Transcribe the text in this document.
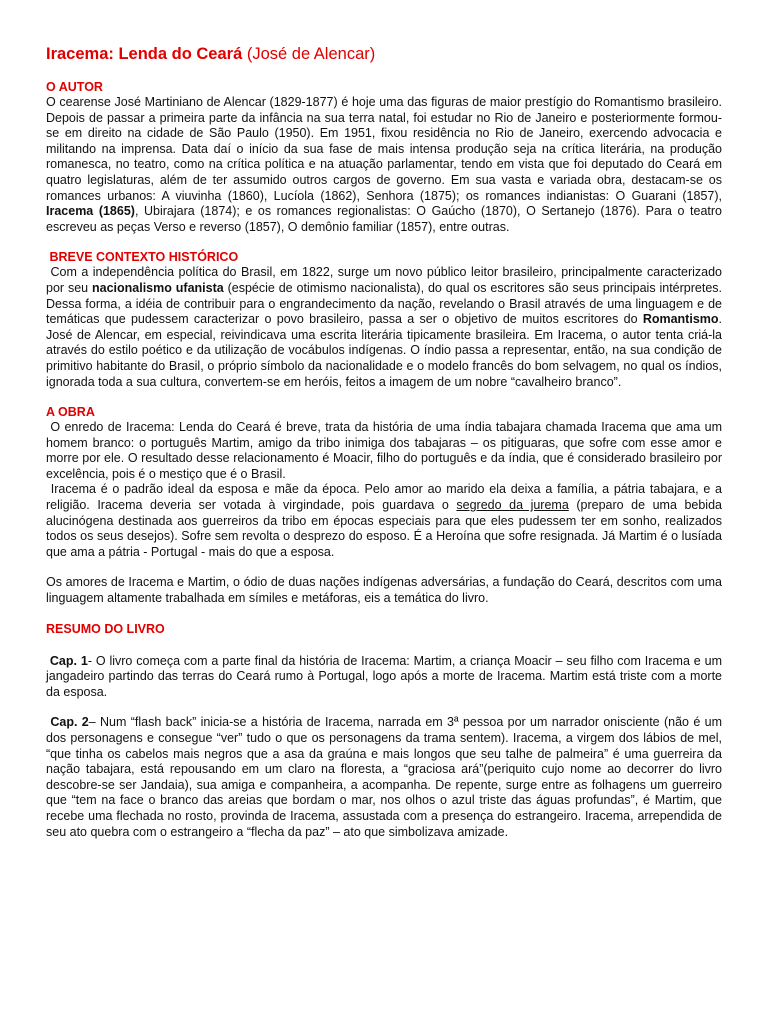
Iracema: Lenda do Ceará (José de Alencar)
O AUTOR

O cearense José Martiniano de Alencar (1829-1877) é hoje uma das figuras de maior prestígio do Romantismo brasileiro. Depois de passar a primeira parte da infância na sua terra natal, foi estudar no Rio de Janeiro e posteriormente formou-se em direito na cidade de São Paulo (1950). Em 1951, fixou residência no Rio de Janeiro, exercendo advocacia e militando na imprensa. Data daí o início da sua fase de mais intensa produção seja na crítica literária, na produção romanesca, no teatro, como na crítica política e na atuação parlamentar, tendo em vista que foi deputado do Ceará em quatro legislaturas, além de ter assumido outros cargos de governo. Em sua vasta e variada obra, destacam-se os romances urbanos: A viuvinha (1860), Lucíola (1862), Senhora (1875); os romances indianistas: O Guarani (1857), Iracema (1865), Ubirajara (1874); e os romances regionalistas: O Gaúcho (1870), O Sertanejo (1876). Para o teatro escreveu as peças Verso e reverso (1857), O demônio familiar (1857), entre outras.

BREVE CONTEXTO HISTÓRICO

Com a independência política do Brasil, em 1822, surge um novo público leitor brasileiro, principalmente caracterizado por seu nacionalismo ufanista (espécie de otimismo nacionalista), do qual os escritores são seus principais intérpretes. Dessa forma, a idéia de contribuir para o engrandecimento da nação, revelando o Brasil através de uma linguagem e de temáticas que pudessem caracterizar o povo brasileiro, passa a ser o objetivo de muitos escritores do Romantismo. José de Alencar, em especial, reivindicava uma escrita literária tipicamente brasileira. Em Iracema, o autor tenta criá-la através do estilo poético e da utilização de vocábulos indígenas. O índio passa a representar, então, na sua condição de primitivo habitante do Brasil, o próprio símbolo da nacionalidade e o modelo francês do bom selvagem, no qual os índios, ignorada toda a sua cultura, convertem-se em heróis, feitos a imagem de um nobre “cavalheiro branco”.

A OBRA

O enredo de Iracema: Lenda do Ceará é breve, trata da história de uma índia tabajara chamada Iracema que ama um homem branco: o português Martim, amigo da tribo inimiga dos tabajaras – os pitiguaras, que sofre com esse amor e morre por ele. O resultado desse relacionamento é Moacir, filho do português e da índia, que é considerado brasileiro por excelência, pois é o mestiço que é o Brasil.

Iracema é o padrão ideal da esposa e mãe da época. Pelo amor ao marido ela deixa a família, a pátria tabajara, e a religião. Iracema deveria ser votada à virgindade, pois guardava o segredo da jurema (preparo de uma bebida alucinógena destinada aos guerreiros da tribo em épocas especiais para que eles pudessem ter em sonho, realizados todos os seus desejos). Sofre sem revolta o desprezo do esposo. É a Heroína que sofre resignada. Já Martim é o lusíada que ama a pátria - Portugal - mais do que a esposa.

Os amores de Iracema e Martim, o ódio de duas nações indígenas adversárias, a fundação do Ceará, descritos com uma linguagem altamente trabalhada em símiles e metáforas, eis a temática do livro.

RESUMO DO LIVRO

Cap. 1- O livro começa com a parte final da história de Iracema: Martim, a criança Moacir – seu filho com Iracema e um jangadeiro partindo das terras do Ceará rumo à Portugal, logo após a morte de Iracema. Martim está triste com a morte da esposa.

Cap. 2– Num “flash back” inicia-se a história de Iracema, narrada em 3ª pessoa por um narrador onisciente (não é um dos personagens e consegue “ver” tudo o que os personagens da trama sentem). Iracema, a virgem dos lábios de mel, “que tinha os cabelos mais negros que a asa da graúna e mais longos que seu talhe de palmeira” é uma guerreira da nação tabajara, está repousando em um claro na floresta, a “graciosa ará”(periquito cujo nome ao decorrer do livro descobre-se ser Jandaia), sua amiga e companheira, a acompanha. De repente, surge entre as folhagens um guerreiro que “tem na face o branco das areias que bordam o mar, nos olhos o azul triste das águas profundas”, é Martim, que recebe uma flechada no rosto, provinda de Iracema, assustada com a presença do estrangeiro. Iracema, arrependida de seu ato quebra com o estrangeiro a “flecha da paz” – ato que simbolizava amizade.
